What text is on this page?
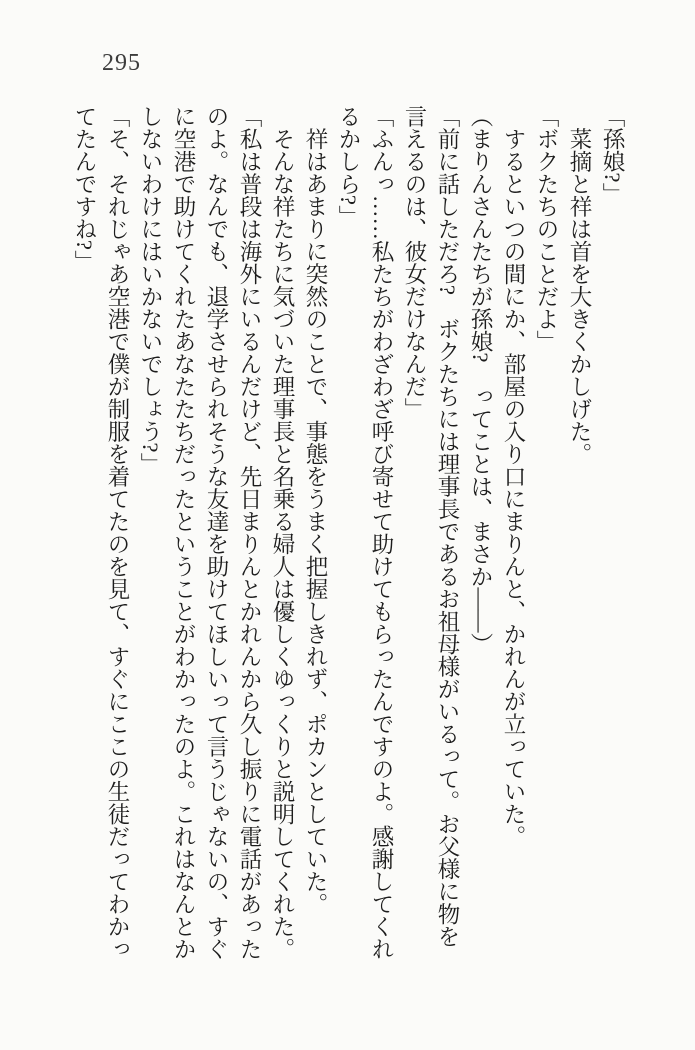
295

「孫娘?」

　菜摘と祥は首を大きくかしげた。

「ボクたちのことだよ」

　するといつの間にか、部屋の入り口にまりんと、かれんが立っていた。

（まりんさんたちが孫娘?　ってことは、まさか――）

「前に話しただろ?　ボクたちには理事長であるお祖母様がいるって。お父様に物を

言えるのは、彼女だけなんだ」

「ふんっ……私たちがわざわざ呼び寄せて助けてもらったんですのよ。感謝してくれ

るかしら?」

　祥はあまりに突然のことで、事態をうまく把握しきれず、ポカンとしていた。

　そんな祥たちに気づいた理事長と名乗る婦人は優しくゆっくりと説明してくれた。

「私は普段は海外にいるんだけど、先日まりんとかれんから久し振りに電話があった

のよ。なんでも、退学させられそうな友達を助けてほしいって言うじゃないの、すぐ

に空港で助けてくれたあなたたちだったということがわかったのよ。これはなんとか

しないわけにはいかないでしょう?」

「そ、それじゃあ空港で僕が制服を着てたのを見て、すぐにここの生徒だってわかっ

てたんですね?」
